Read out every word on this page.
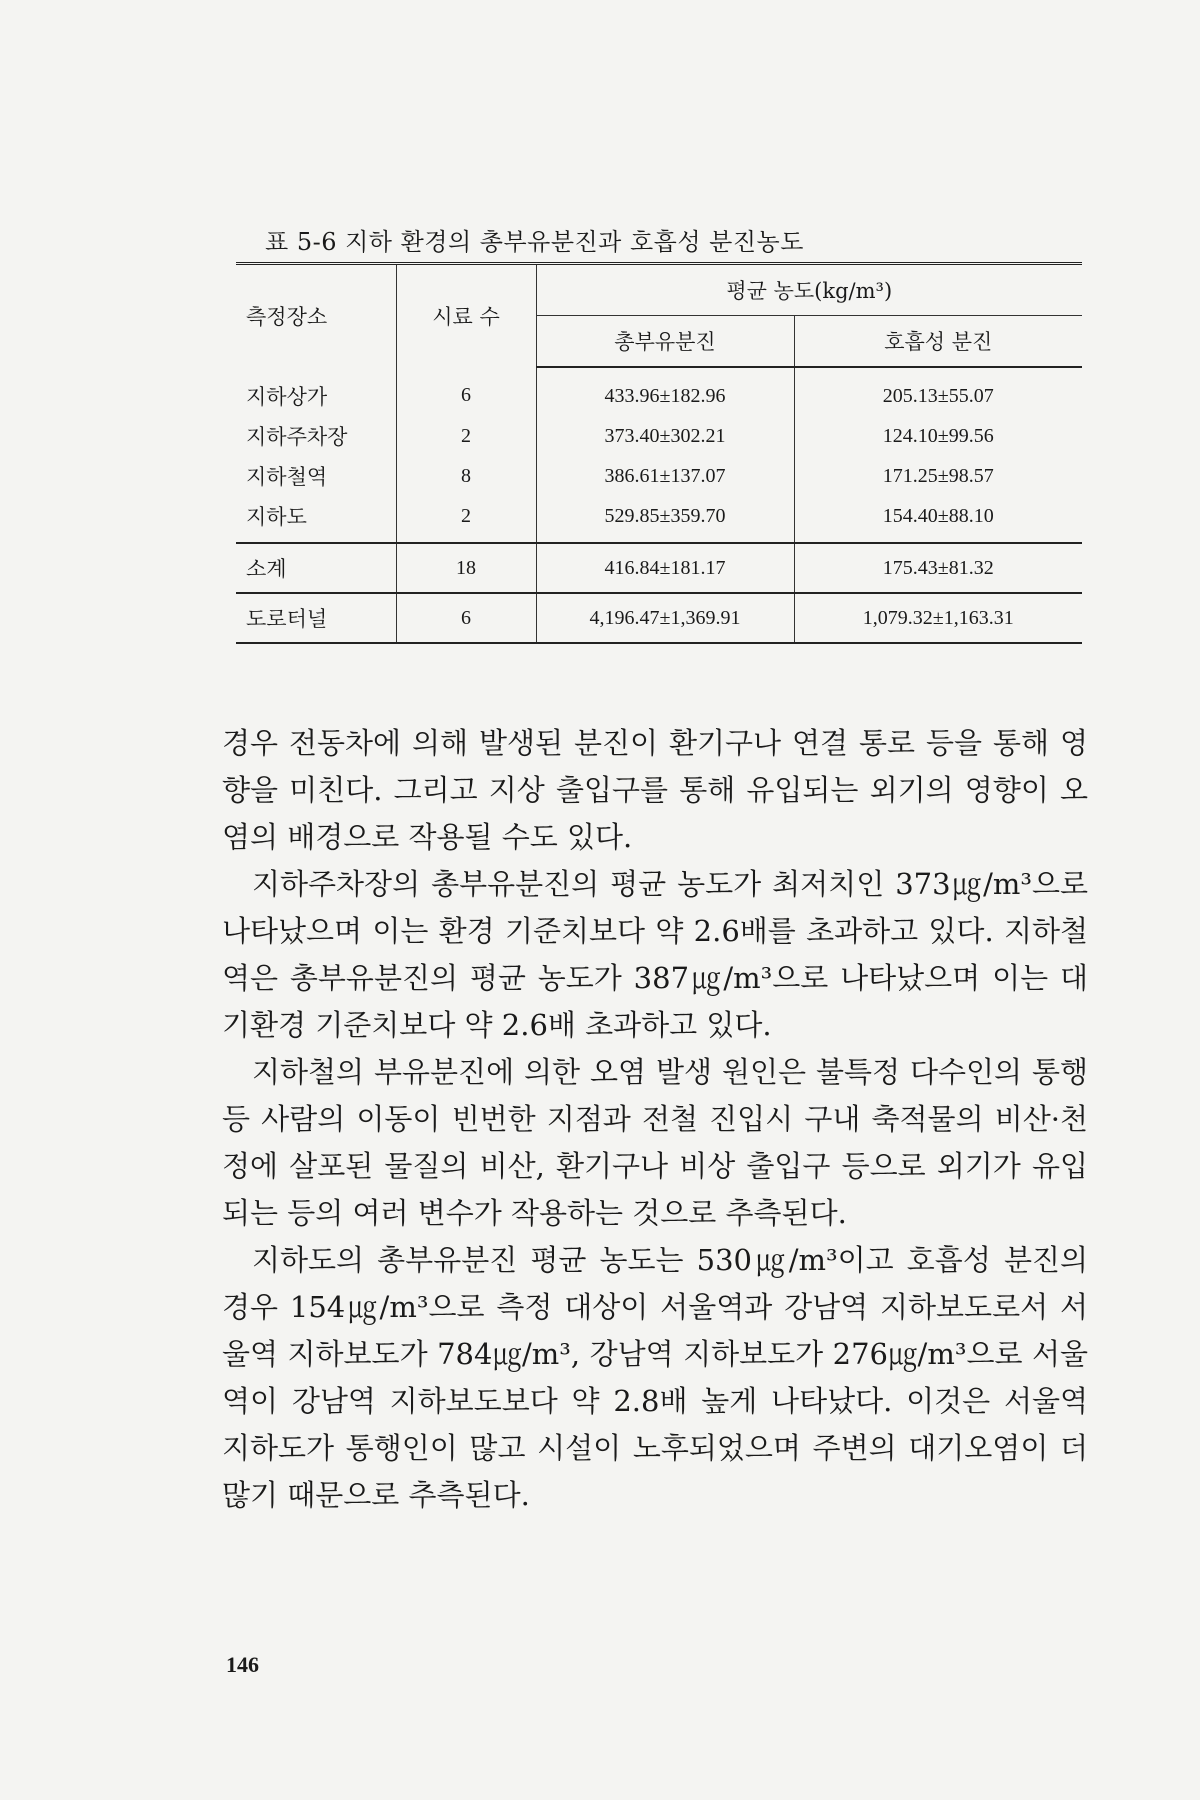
표 5-6 지하 환경의 총부유분진과 호흡성 분진농도
측정장소	시료 수	평균 농도(kg/m³)	
		총부유분진	호흡성 분진
지하상가	6	433.96±182.96	205.13±55.07
지하주차장	2	373.40±302.21	124.10±99.56
지하철역	8	386.61±137.07	171.25±98.57
지하도	2	529.85±359.70	154.40±88.10
소계	18	416.84±181.17	175.43±81.32
도로터널	6	4,196.47±1,369.91	1,079.32±1,163.31

경우 전동차에 의해 발생된 분진이 환기구나 연결 통로 등을 통해 영향을 미친다. 그리고 지상 출입구를 통해 유입되는 외기의 영향이 오염의 배경으로 작용될 수도 있다.

지하주차장의 총부유분진의 평균 농도가 최저치인 373㎍/m³으로 나타났으며 이는 환경 기준치보다 약 2.6배를 초과하고 있다. 지하철역은 총부유분진의 평균 농도가 387㎍/m³으로 나타났으며 이는 대기환경 기준치보다 약 2.6배 초과하고 있다.

지하철의 부유분진에 의한 오염 발생 원인은 불특정 다수인의 통행 등 사람의 이동이 빈번한 지점과 전철 진입시 구내 축적물의 비산·천정에 살포된 물질의 비산, 환기구나 비상 출입구 등으로 외기가 유입되는 등의 여러 변수가 작용하는 것으로 추측된다.

지하도의 총부유분진 평균 농도는 530㎍/m³이고 호흡성 분진의 경우 154㎍/m³으로 측정 대상이 서울역과 강남역 지하보도로서 서울역 지하보도가 784㎍/m³, 강남역 지하보도가 276㎍/m³으로 서울역이 강남역 지하보도보다 약 2.8배 높게 나타났다. 이것은 서울역 지하도가 통행인이 많고 시설이 노후되었으며 주변의 대기오염이 더 많기 때문으로 추측된다.

146
